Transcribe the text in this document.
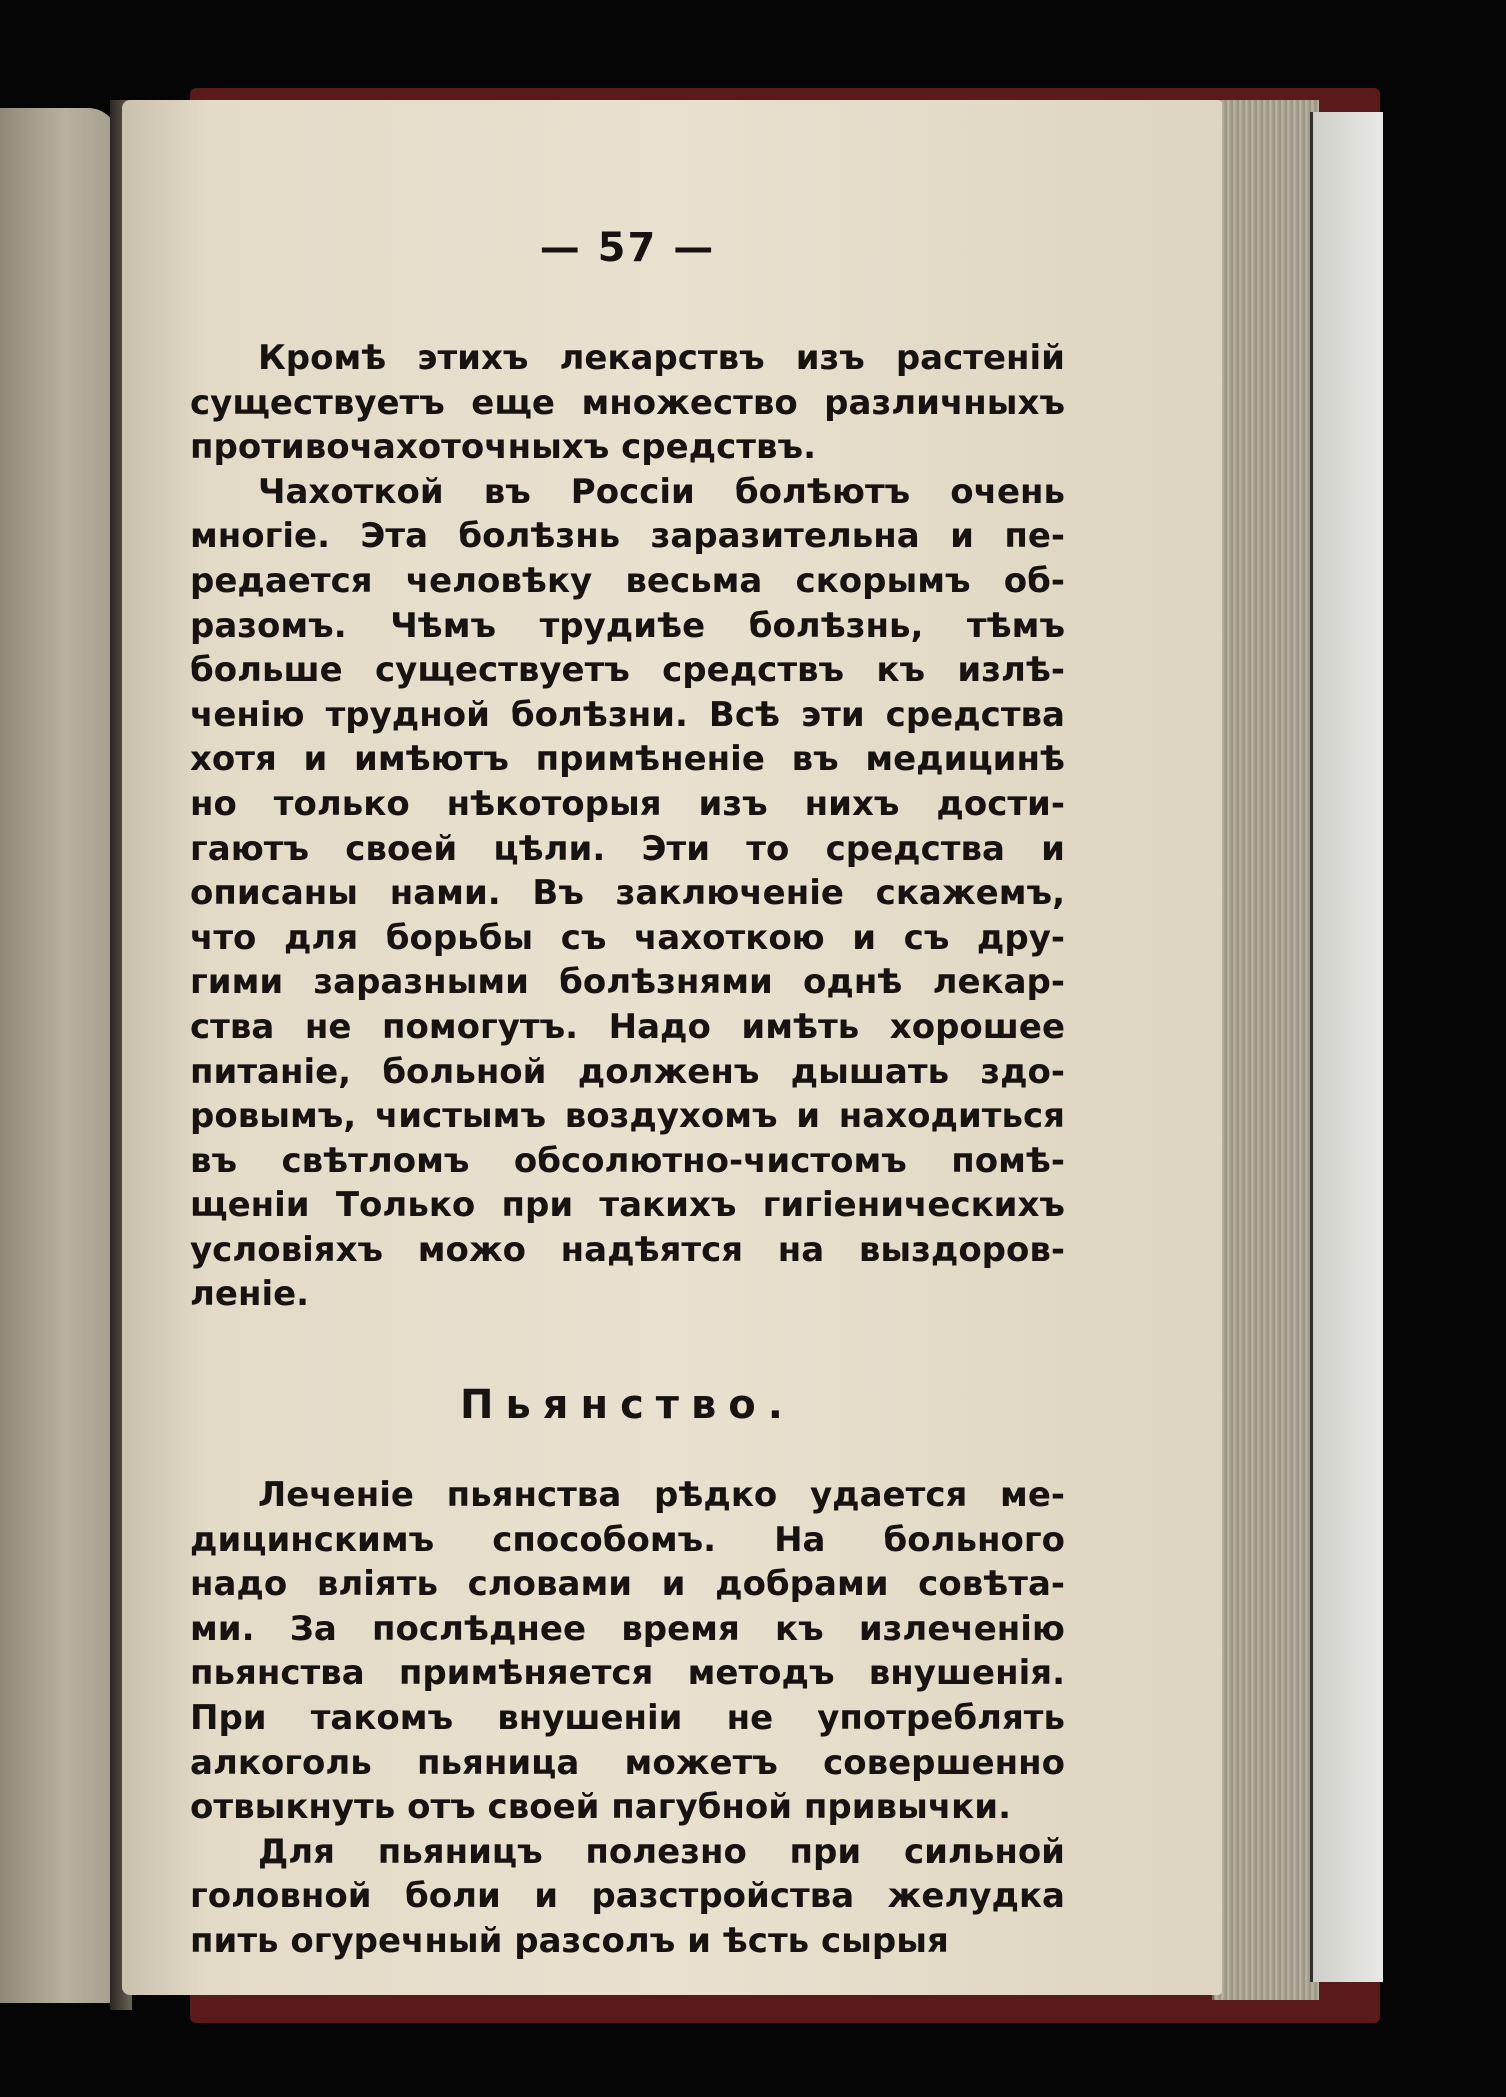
— 57 —

Кромѣ этихъ лекарствъ изъ растеній
существуетъ еще множество различныхъ
противочахоточныхъ средствъ.

Чахоткой въ Россіи болѣютъ очень
многіе. Эта болѣзнь заразительна и пе-
редается человѣку весьма скорымъ об-
разомъ. Чѣмъ трудиѣе болѣзнь, тѣмъ
больше существуетъ средствъ къ излѣ-
ченію трудной болѣзни. Всѣ эти средства
хотя и имѣютъ примѣненіе въ медицинѣ
но только нѣкоторыя изъ нихъ дости-
гаютъ своей цѣли. Эти то средства и
описаны нами. Въ заключеніе скажемъ,
что для борьбы съ чахоткою и съ дру-
гими заразными болѣзнями однѣ лекар-
ства не помогутъ. Надо имѣть хорошее
питаніе, больной долженъ дышать здо-
ровымъ, чистымъ воздухомъ и находиться
въ свѣтломъ обсолютно-чистомъ помѣ-
щеніи Только при такихъ гигіеническихъ
условіяхъ можо надѣятся на выздоров-
леніе.

Пьянство.

Леченіе пьянства рѣдко удается ме-
дицинскимъ способомъ. На больного
надо влiять словами и добрами совѣта-
ми. За послѣднее время къ излеченію
пьянства примѣняется методъ внушенія.
При такомъ внушеніи не употреблять
алкоголь пьяница можетъ совершенно
отвыкнуть отъ своей пагубной привычки.

Для пьяницъ полезно при сильной
головной боли и разстройства желудка
пить огуречный разсолъ и ѣсть сырыя
